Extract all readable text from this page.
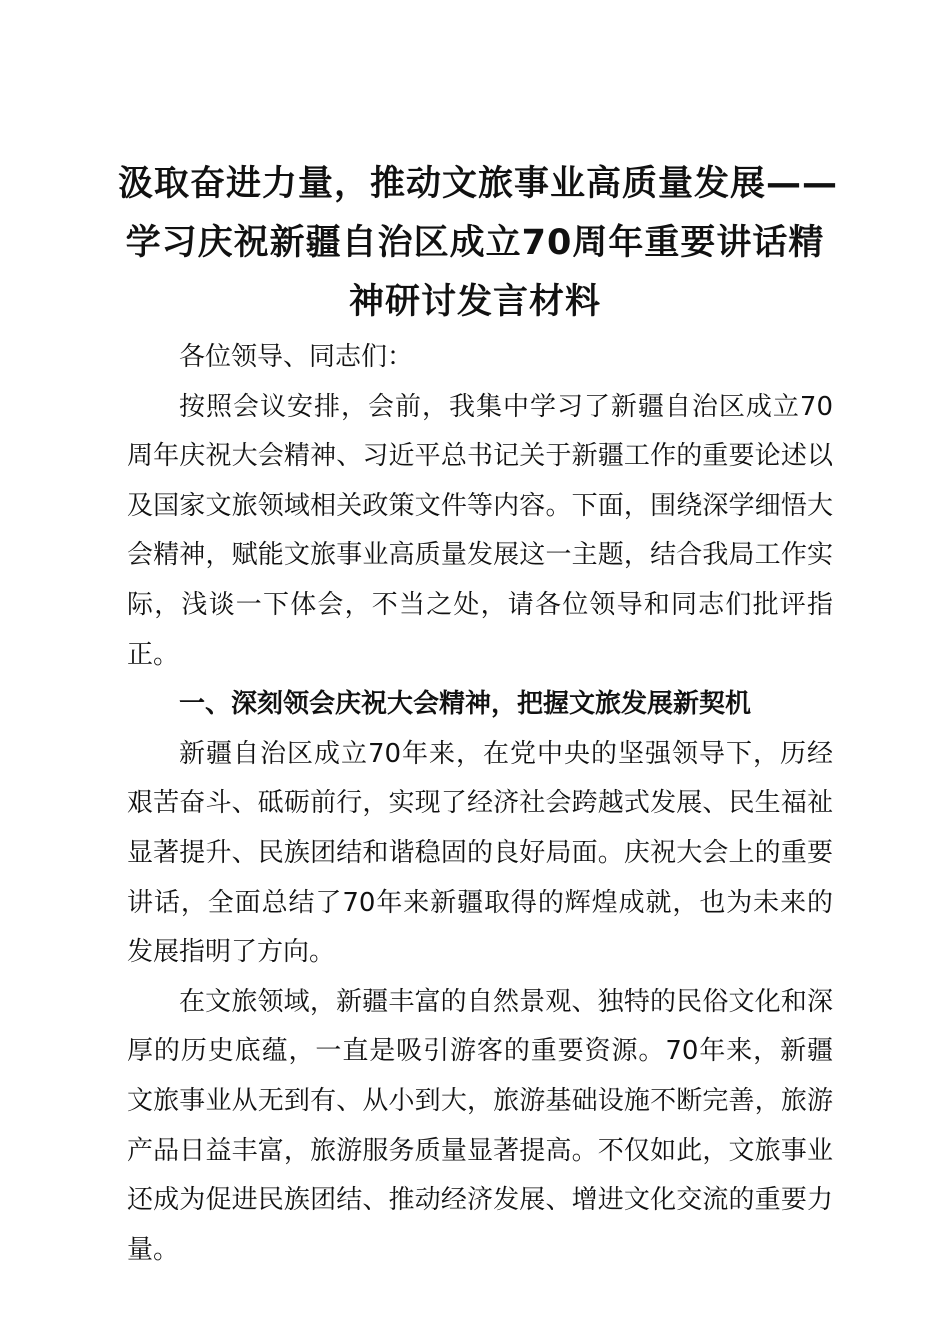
汲取奋进力量，推动文旅事业高质量发展——
学习庆祝新疆自治区成立70周年重要讲话精
神研讨发言材料

各位领导、同志们：

按照会议安排，会前，我集中学习了新疆自治区成立70周年庆祝大会精神、习近平总书记关于新疆工作的重要论述以及国家文旅领域相关政策文件等内容。下面，围绕深学细悟大会精神，赋能文旅事业高质量发展这一主题，结合我局工作实际，浅谈一下体会，不当之处，请各位领导和同志们批评指正。

一、深刻领会庆祝大会精神，把握文旅发展新契机

新疆自治区成立70年来，在党中央的坚强领导下，历经艰苦奋斗、砥砺前行，实现了经济社会跨越式发展、民生福祉显著提升、民族团结和谐稳固的良好局面。庆祝大会上的重要讲话，全面总结了70年来新疆取得的辉煌成就，也为未来的发展指明了方向。

在文旅领域，新疆丰富的自然景观、独特的民俗文化和深厚的历史底蕴，一直是吸引游客的重要资源。70年来，新疆文旅事业从无到有、从小到大，旅游基础设施不断完善，旅游产品日益丰富，旅游服务质量显著提高。不仅如此，文旅事业还成为促进民族团结、推动经济发展、增进文化交流的重要力量。
